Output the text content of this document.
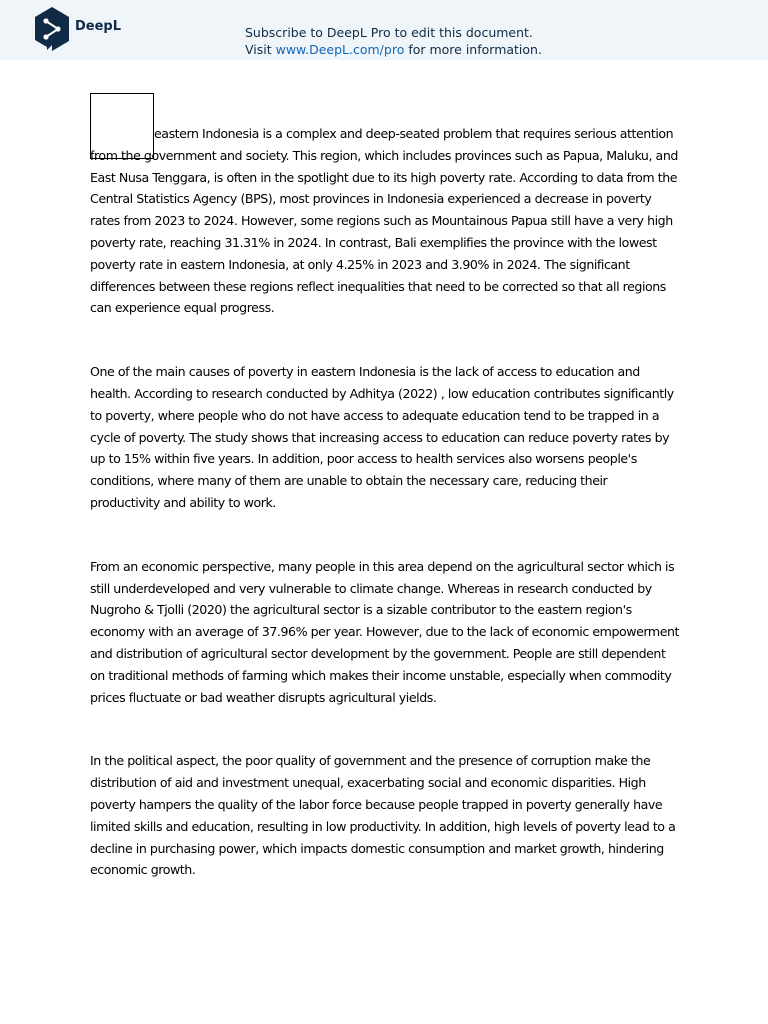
DeepL	Subscribe to DeepL Pro to edit this document.
Visit www.DeepL.com/pro for more information.

eastern Indonesia is a complex and deep-seated problem that requires serious attention from the government and society. This region, which includes provinces such as Papua, Maluku, and East Nusa Tenggara, is often in the spotlight due to its high poverty rate. According to data from the Central Statistics Agency (BPS), most provinces in Indonesia experienced a decrease in poverty rates from 2023 to 2024. However, some regions such as Mountainous Papua still have a very high poverty rate, reaching 31.31% in 2024. In contrast, Bali exemplifies the province with the lowest poverty rate in eastern Indonesia, at only 4.25% in 2023 and 3.90% in 2024. The significant differences between these regions reflect inequalities that need to be corrected so that all regions can experience equal progress.

One of the main causes of poverty in eastern Indonesia is the lack of access to education and health. According to research conducted by Adhitya (2022) , low education contributes significantly to poverty, where people who do not have access to adequate education tend to be trapped in a cycle of poverty. The study shows that increasing access to education can reduce poverty rates by up to 15% within five years. In addition, poor access to health services also worsens people's conditions, where many of them are unable to obtain the necessary care, reducing their productivity and ability to work.

From an economic perspective, many people in this area depend on the agricultural sector which is still underdeveloped and very vulnerable to climate change. Whereas in research conducted by Nugroho & Tjolli (2020) the agricultural sector is a sizable contributor to the eastern region's economy with an average of 37.96% per year. However, due to the lack of economic empowerment and distribution of agricultural sector development by the government. People are still dependent on traditional methods of farming which makes their income unstable, especially when commodity prices fluctuate or bad weather disrupts agricultural yields.

In the political aspect, the poor quality of government and the presence of corruption make the distribution of aid and investment unequal, exacerbating social and economic disparities. High poverty hampers the quality of the labor force because people trapped in poverty generally have limited skills and education, resulting in low productivity. In addition, high levels of poverty lead to a decline in purchasing power, which impacts domestic consumption and market growth, hindering economic growth.
